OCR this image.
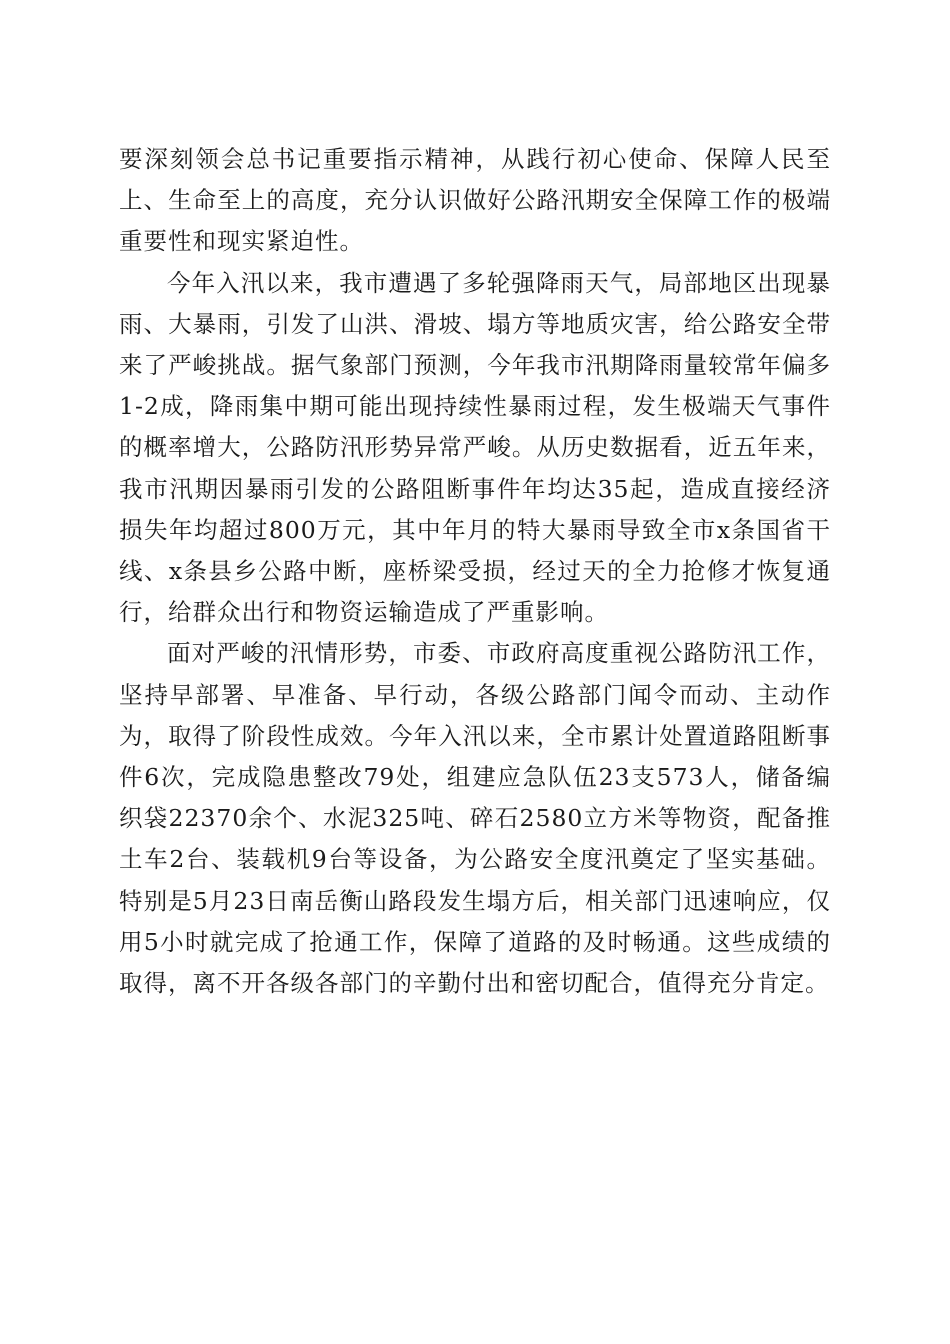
要深刻领会总书记重要指示精神，从践行初心使命、保障人民至上、生命至上的高度，充分认识做好公路汛期安全保障工作的极端重要性和现实紧迫性。

今年入汛以来，我市遭遇了多轮强降雨天气，局部地区出现暴雨、大暴雨，引发了山洪、滑坡、塌方等地质灾害，给公路安全带来了严峻挑战。据气象部门预测，今年我市汛期降雨量较常年偏多1-2成，降雨集中期可能出现持续性暴雨过程，发生极端天气事件的概率增大，公路防汛形势异常严峻。从历史数据看，近五年来，我市汛期因暴雨引发的公路阻断事件年均达35起，造成直接经济损失年均超过800万元，其中年月的特大暴雨导致全市x条国省干线、x条县乡公路中断，座桥梁受损，经过天的全力抢修才恢复通行，给群众出行和物资运输造成了严重影响。

面对严峻的汛情形势，市委、市政府高度重视公路防汛工作，坚持早部署、早准备、早行动，各级公路部门闻令而动、主动作为，取得了阶段性成效。今年入汛以来，全市累计处置道路阻断事件6次，完成隐患整改79处，组建应急队伍23支573人，储备编织袋22370余个、水泥325吨、碎石2580立方米等物资，配备推土车2台、装载机9台等设备，为公路安全度汛奠定了坚实基础。特别是5月23日南岳衡山路段发生塌方后，相关部门迅速响应，仅用5小时就完成了抢通工作，保障了道路的及时畅通。这些成绩的取得，离不开各级各部门的辛勤付出和密切配合，值得充分肯定。
